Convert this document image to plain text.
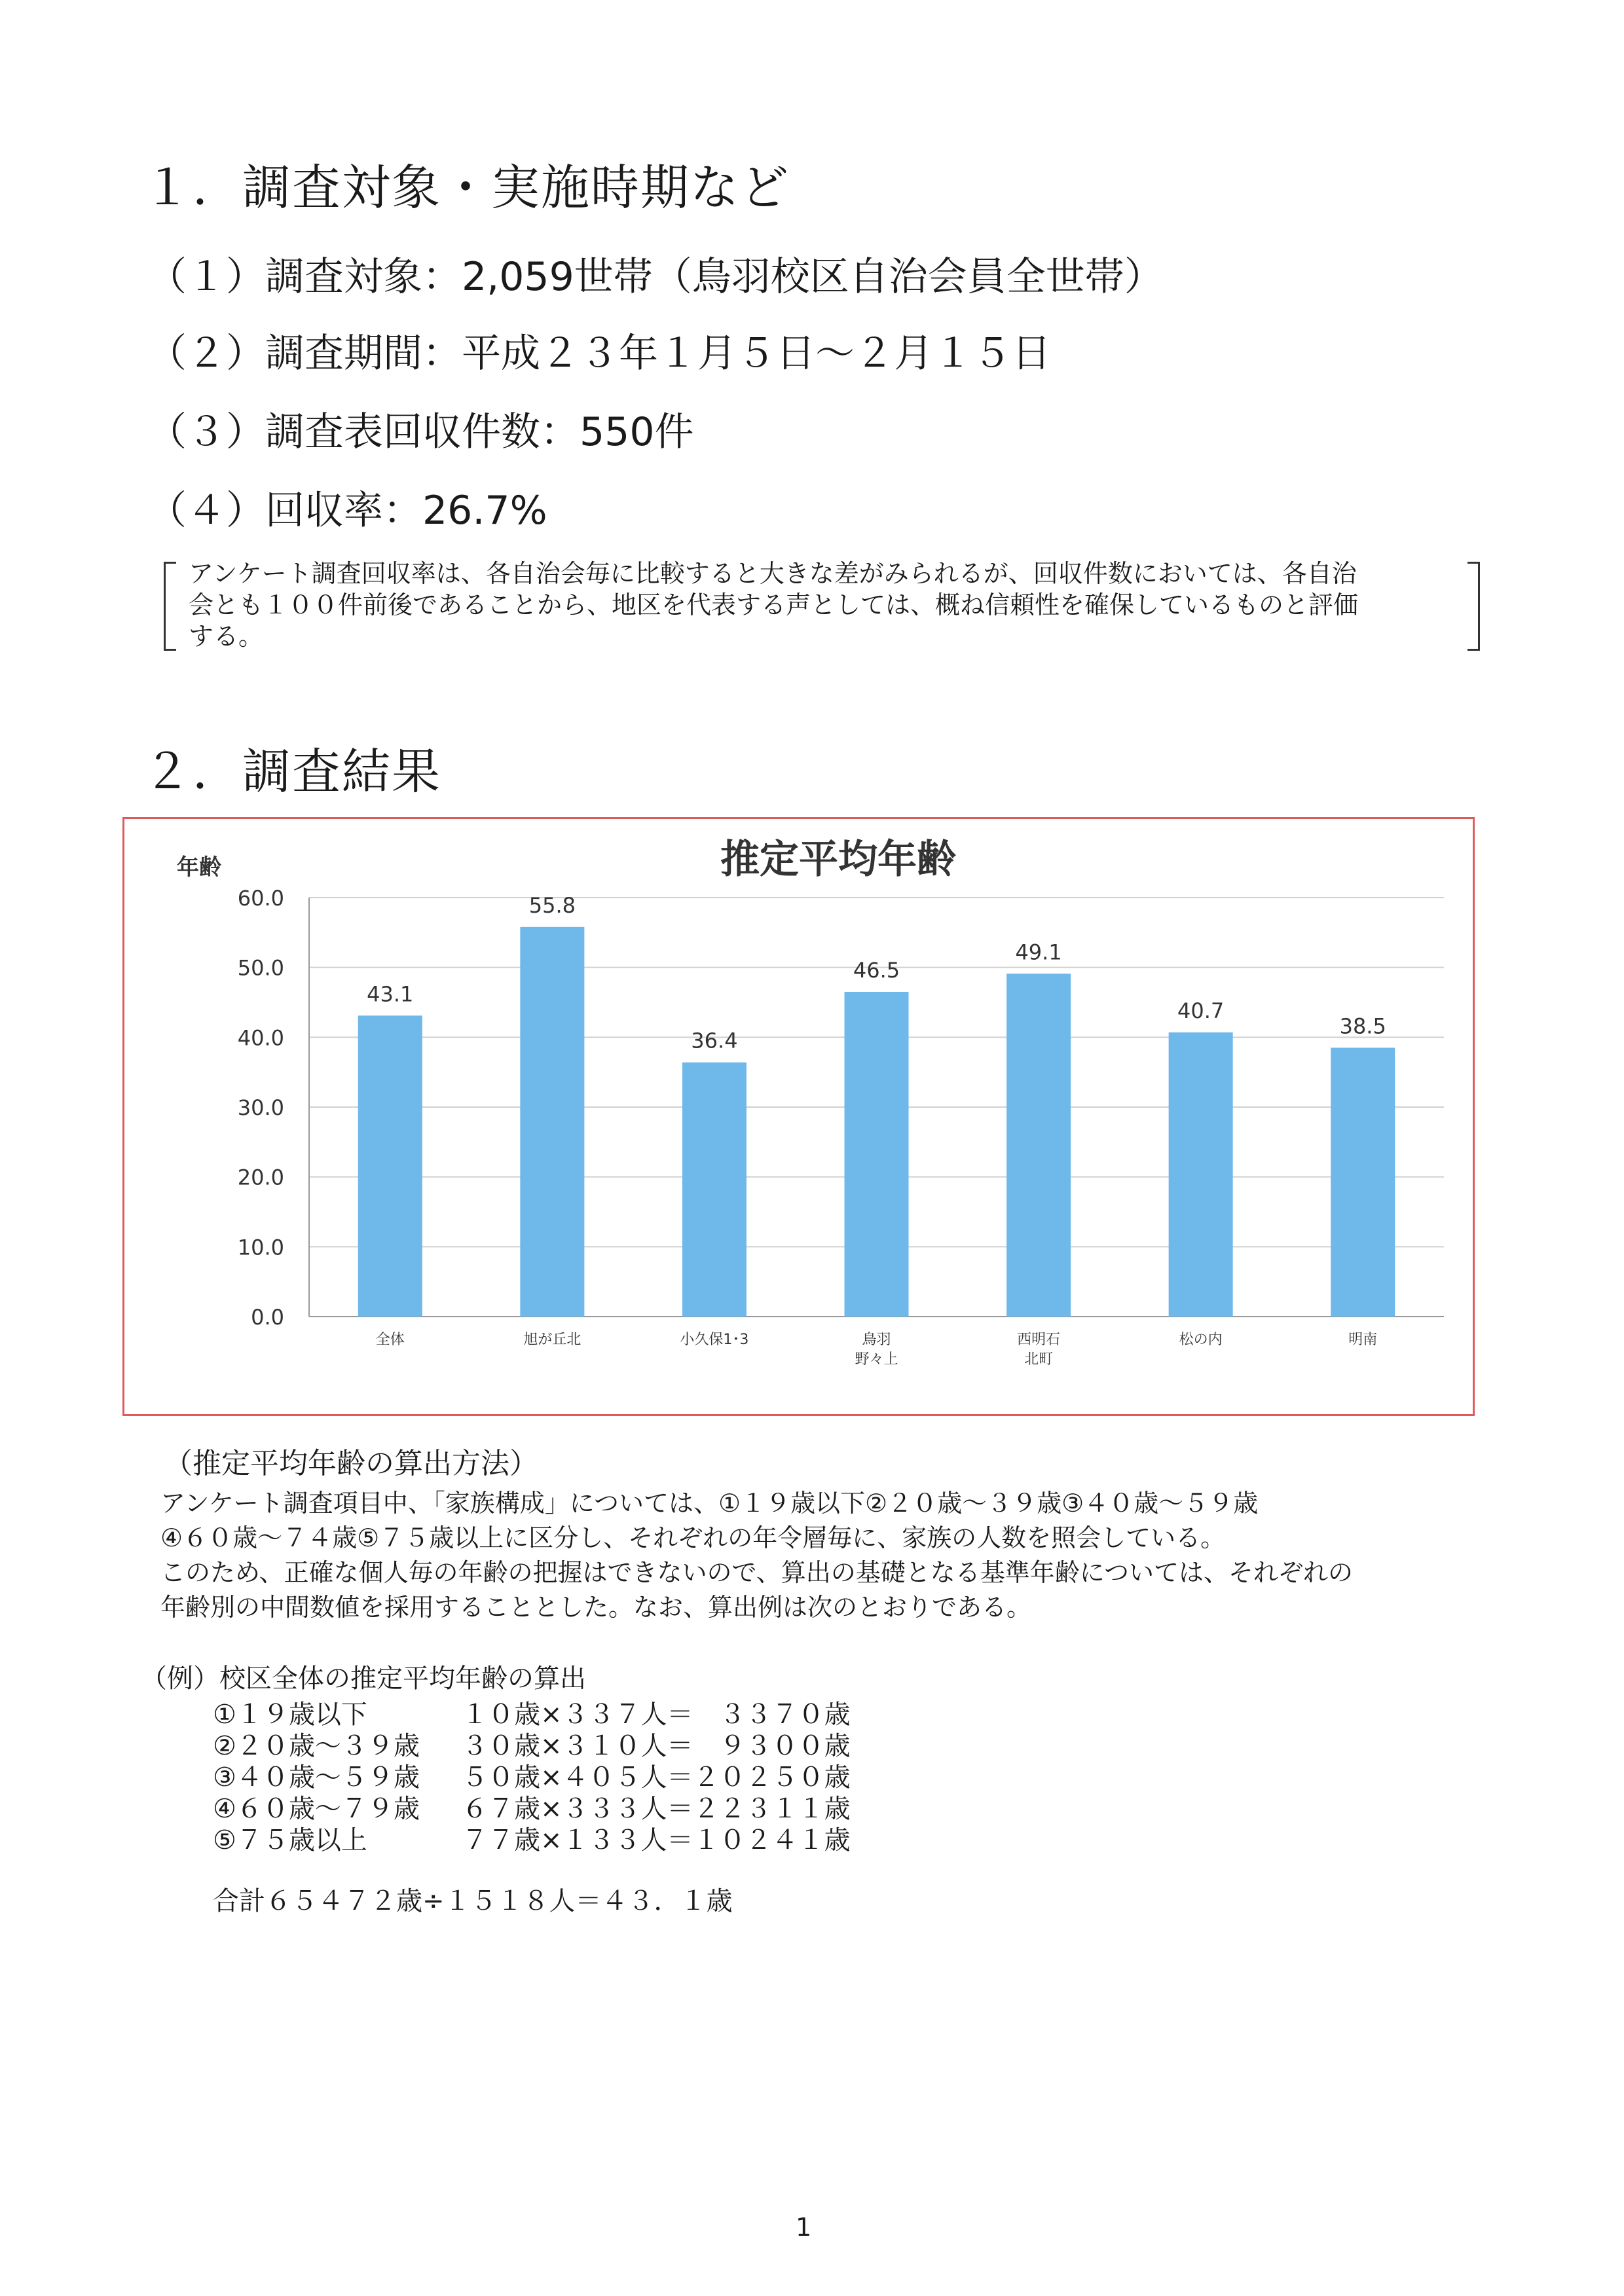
１．調査対象・実施時期など
（１）調査対象：2,059世帯（鳥羽校区自治会員全世帯）
（２）調査期間：平成２３年１月５日～２月１５日
（３）調査表回収件数：550件
（４）回収率：26.7%
アンケート調査回収率は、各自治会毎に比較すると大きな差がみられるが、回収件数においては、各自治
会とも１００件前後であることから、地区を代表する声としては、概ね信頼性を確保しているものと評価
する。
２．調査結果
推定平均年齢
年齢
0.0
10.0
20.0
30.0
40.0
50.0
60.0
43.1
全体
55.8
旭が丘北
36.4
小久保1･3
46.5
鳥羽
野々上
49.1
西明石
北町
40.7
松の内
38.5
明南
（推定平均年齢の算出方法）
アンケート調査項目中、「家族構成」については、①１９歳以下②２０歳～３９歳③４０歳～５９歳
④６０歳～７４歳⑤７５歳以上に区分し、それぞれの年令層毎に、家族の人数を照会している。
このため、正確な個人毎の年齢の把握はできないので、算出の基礎となる基準年齢については、それぞれの
年齢別の中間数値を採用することとした。なお、算出例は次のとおりである。
（例）校区全体の推定平均年齢の算出
①１９歳以下	１０歳×３３７人＝　３３７０歳
②２０歳～３９歳 ３０歳×３１０人＝　９３００歳
③４０歳～５９歳 ５０歳×４０５人＝２０２５０歳
④６０歳～７９歳 ６７歳×３３３人＝２２３１１歳
⑤７５歳以上	７７歳×１３３人＝１０２４１歳
合計６５４７２歳÷１５１８人＝４３．１歳
1
